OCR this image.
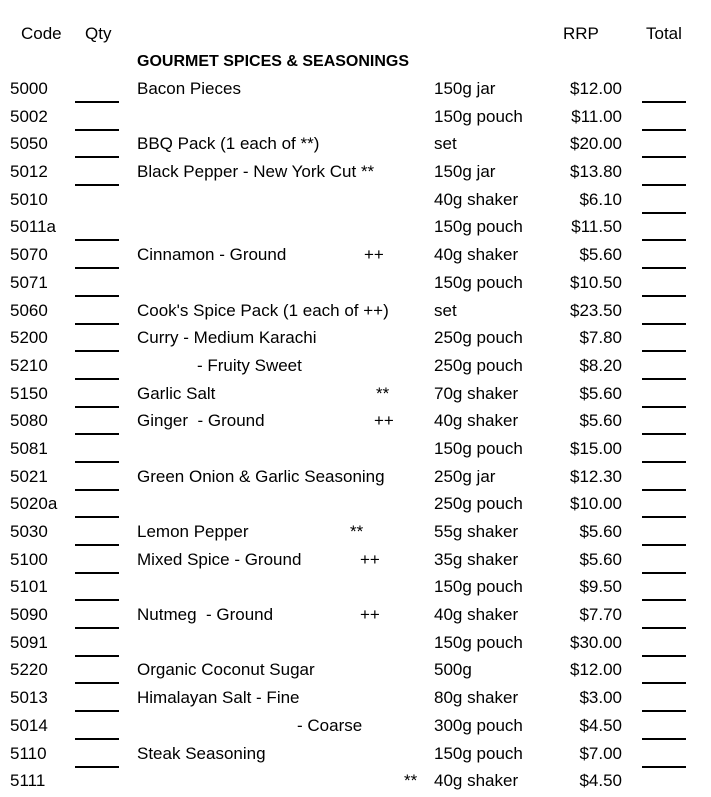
Code Qty	RRP	Total
GOURMET SPICES & SEASONINGS
5000	Bacon Pieces	150g jar	$12.00
5002	150g pouch	$11.00
5050	BBQ Pack (1 each of **)	set	$20.00
5012	Black Pepper - New York Cut **	150g jar	$13.80
5010	40g shaker	$6.10
5011a	150g pouch	$11.50
5070	Cinnamon - Ground	++	40g shaker	$5.60
5071	150g pouch	$10.50
5060	Cook's Spice Pack (1 each of ++)	set	$23.50
5200	Curry - Medium Karachi	250g pouch	$7.80
5210	- Fruity Sweet	250g pouch	$8.20
5150	Garlic Salt	**	70g shaker	$5.60
5080	Ginger  - Ground	++ 40g shaker	$5.60
5081	150g pouch	$15.00
5021	Green Onion & Garlic Seasoning	250g jar	$12.30
5020a	250g pouch	$10.00
5030	Lemon Pepper	**	55g shaker	$5.60
5100	Mixed Spice - Ground	++	35g shaker	$5.60
5101	150g pouch	$9.50
5090	Nutmeg  - Ground	++	40g shaker	$7.70
5091	150g pouch	$30.00
5220	Organic Coconut Sugar	500g	$12.00
5013	Himalayan Salt - Fine	80g shaker	$3.00
5014	- Coarse	300g pouch	$4.50
5110	Steak Seasoning	150g pouch	$7.00
5111	** 40g shaker	$4.50
